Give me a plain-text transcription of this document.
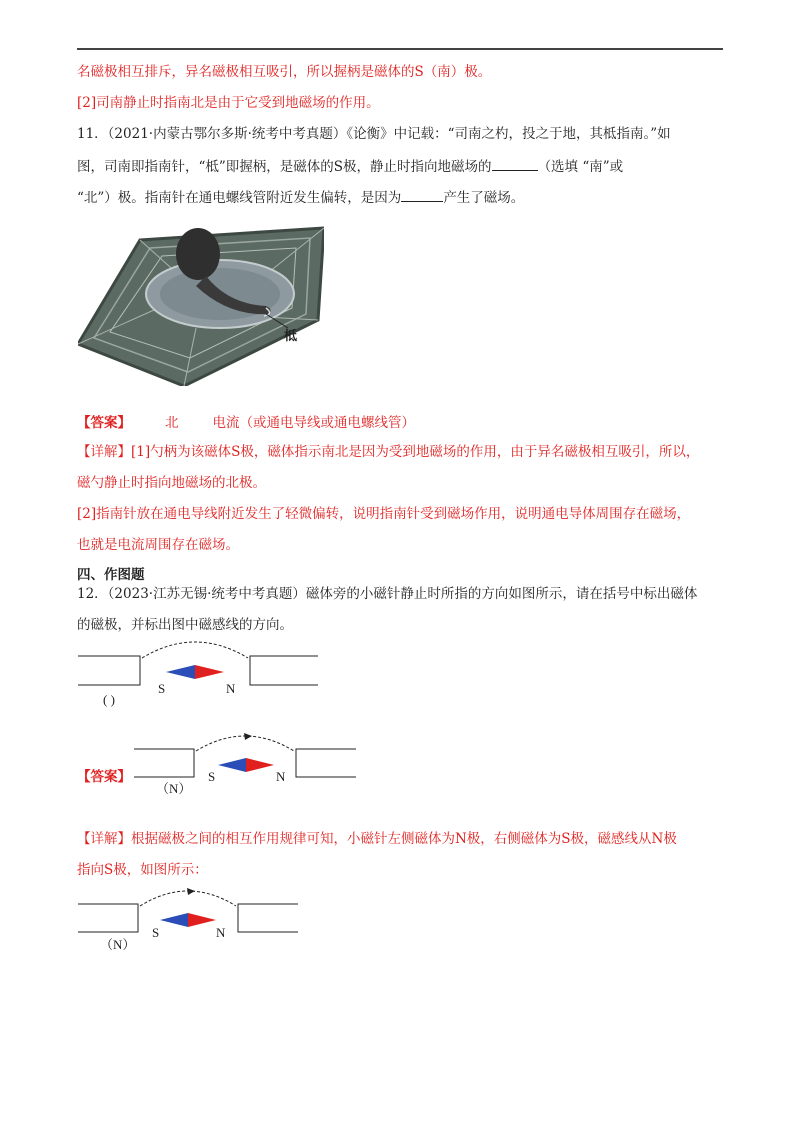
名磁极相互排斥，异名磁极相互吸引，所以握柄是磁体的S（南）极。
[2]司南静止时指南北是由于它受到地磁场的作用。
11．（2021·内蒙古鄂尔多斯·统考中考真题）《论衡》中记载：“司南之杓，投之于地，其柢指南。”如
图，司南即指南针，“柢”即握柄，是磁体的S极，静止时指向地磁场的	（选填 “南”或
“北”）极。指南针在通电螺线管附近发生偏转，是因为	产生了磁场。
柢
【答案】	北	电流（或通电导线或通电螺线管）
【详解】[1]勺柄为该磁体S极，磁体指示南北是因为受到地磁场的作用，由于异名磁极相互吸引，所以，
磁勺静止时指向地磁场的北极。
[2]指南针放在通电导线附近发生了轻微偏转，说明指南针受到磁场作用，说明通电导体周围存在磁场，
也就是电流周围存在磁场。
四、作图题
12．（2023·江苏无锡·统考中考真题）磁体旁的小磁针静止时所指的方向如图所示，请在括号中标出磁体
的磁极，并标出图中磁感线的方向。
S	N
( )
【答案】	S	N
（N）
【详解】根据磁极之间的相互作用规律可知，小磁针左侧磁体为N极，右侧磁体为S极，磁感线从N极
指向S极，如图所示：
S	N
（N）
